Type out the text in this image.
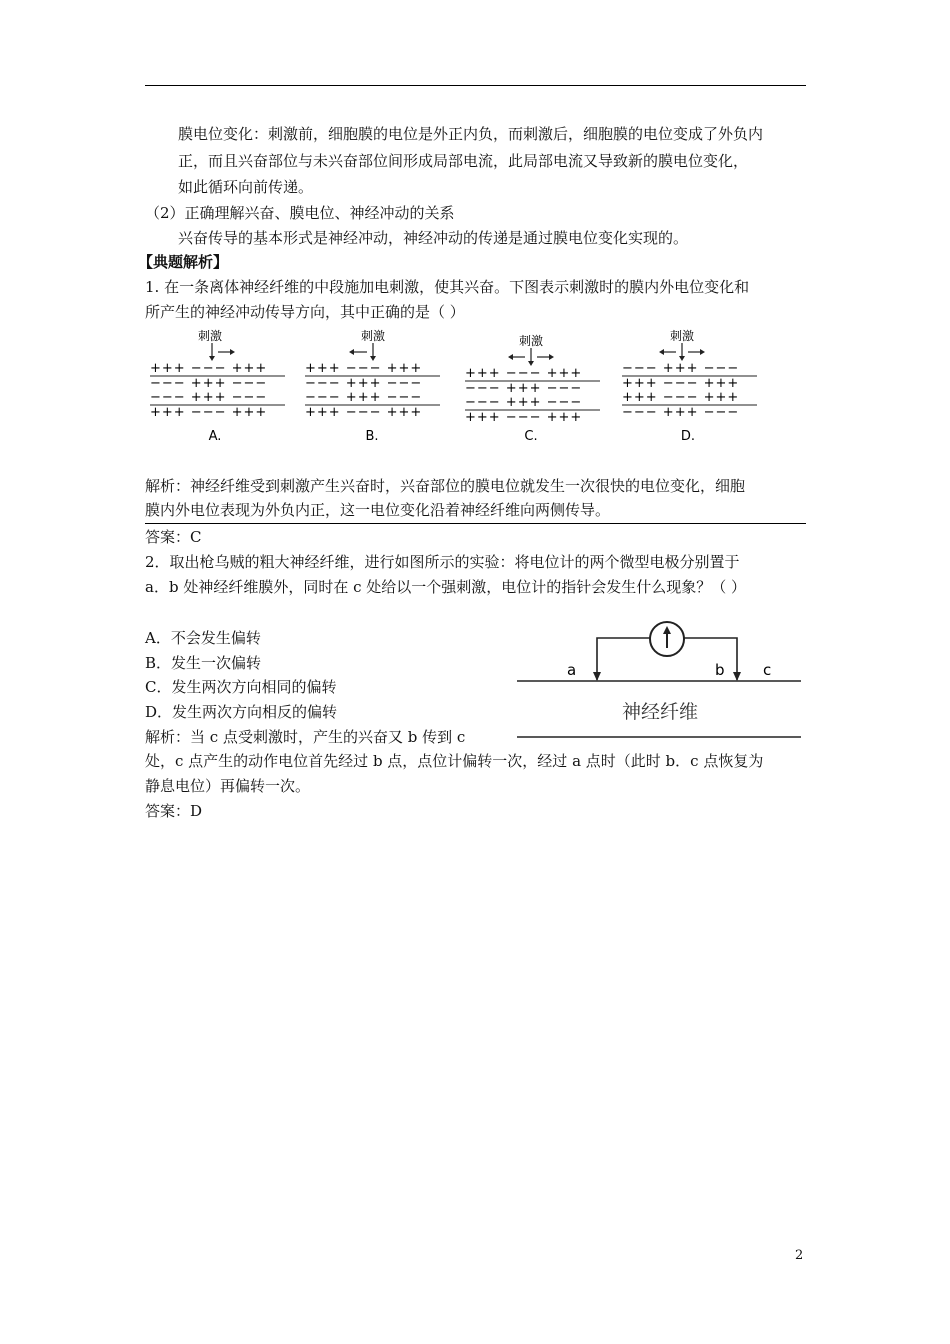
膜电位变化：刺激前，细胞膜的电位是外正内负，而刺激后，细胞膜的电位变成了外负内
正，而且兴奋部位与未兴奋部位间形成局部电流，此局部电流又导致新的膜电位变化，
如此循环向前传递。
（2）正确理解兴奋、膜电位、神经冲动的关系
兴奋传导的基本形式是神经冲动，神经冲动的传递是通过膜电位变化实现的。
【典题解析】
1. 在一条离体神经纤维的中段施加电刺激，使其兴奋。下图表示刺激时的膜内外电位变化和
所产生的神经冲动传导方向，其中正确的是（ ）
刺激
+++ −−− +++
−−− +++ −−−
−−− +++ −−−
+++ −−− +++
A.
刺激
+++ −−− +++
−−− +++ −−−
−−− +++ −−−
+++ −−− +++
B.
刺激
+++ −−− +++
−−− +++ −−−
−−− +++ −−−
+++ −−− +++
C.
刺激
−−− +++ −−−
+++ −−− +++
+++ −−− +++
−−− +++ −−−
D.
解析：神经纤维受到刺激产生兴奋时，兴奋部位的膜电位就发生一次很快的电位变化，细胞
膜内外电位表现为外负内正，这一电位变化沿着神经纤维向两侧传导。
答案：C
2．取出枪乌贼的粗大神经纤维，进行如图所示的实验：将电位计的两个微型电极分别置于
a．b 处神经纤维膜外，同时在 c 处给以一个强刺激，电位计的指针会发生什么现象？（ ）
A．不会发生偏转
B．发生一次偏转
C．发生两次方向相同的偏转
D．发生两次方向相反的偏转
a	b	c
神经纤维
解析：当 c 点受刺激时，产生的兴奋又 b 传到 c
处，c 点产生的动作电位首先经过 b 点，点位计偏转一次，经过 a 点时（此时 b．c 点恢复为
静息电位）再偏转一次。
答案：D
2
